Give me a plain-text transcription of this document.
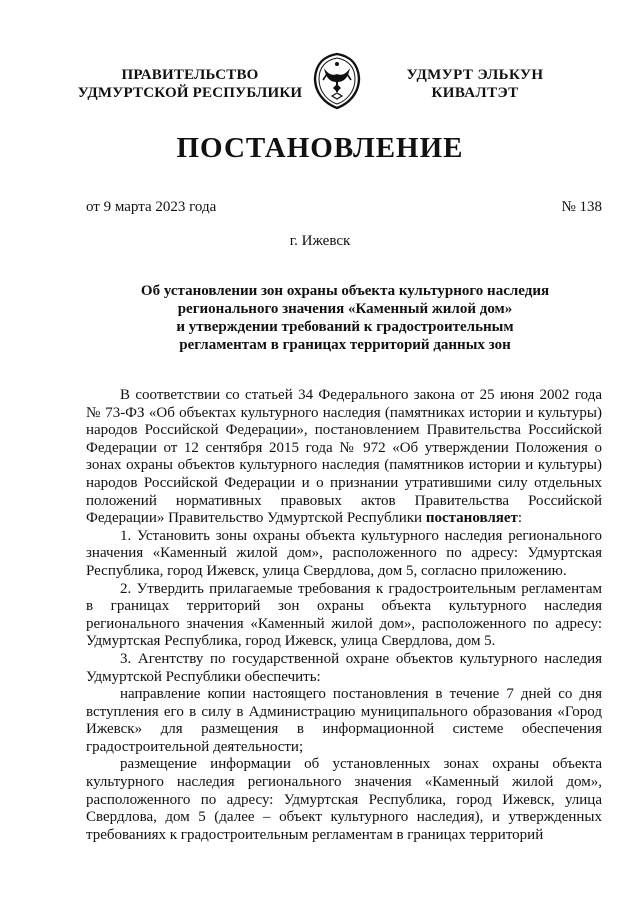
ПРАВИТЕЛЬСТВО
УДМУРТСКОЙ РЕСПУБЛИКИ
УДМУРТ ЭЛЬКУН
КИВАЛТЭТ
ПОСТАНОВЛЕНИЕ
от 9 марта 2023 года	№ 138
г. Ижевск
Об установлении зон охраны объекта культурного наследия
регионального значения «Каменный жилой дом»
и утверждении требований к градостроительным
регламентам в границах территорий данных зон

В соответствии со статьей 34 Федерального закона от 25 июня 2002 года № 73-ФЗ «Об объектах культурного наследия (памятниках истории и культуры) народов Российской Федерации», постановлением Правительства Российской Федерации от 12 сентября 2015 года № 972 «Об утверждении Положения о зонах охраны объектов культурного наследия (памятников истории и культуры) народов Российской Федерации и о признании утратившими силу отдельных положений нормативных правовых актов Правительства Российской Федерации» Правительство Удмуртской Республики постановляет:

1. Установить зоны охраны объекта культурного наследия регионального значения «Каменный жилой дом», расположенного по адресу: Удмуртская Республика, город Ижевск, улица Свердлова, дом 5, согласно приложению.

2. Утвердить прилагаемые требования к градостроительным регламентам в границах территорий зон охраны объекта культурного наследия регионального значения «Каменный жилой дом», расположенного по адресу: Удмуртская Республика, город Ижевск, улица Свердлова, дом 5.

3. Агентству по государственной охране объектов культурного наследия Удмуртской Республики обеспечить:

направление копии настоящего постановления в течение 7 дней со дня вступления его в силу в Администрацию муниципального образования «Город Ижевск» для размещения в информационной системе обеспечения градостроительной деятельности;

размещение информации об установленных зонах охраны объекта культурного наследия регионального значения «Каменный жилой дом», расположенного по адресу: Удмуртская Республика, город Ижевск, улица Свердлова, дом 5 (далее – объект культурного наследия), и утвержденных требованиях к градостроительным регламентам в границах территорий
